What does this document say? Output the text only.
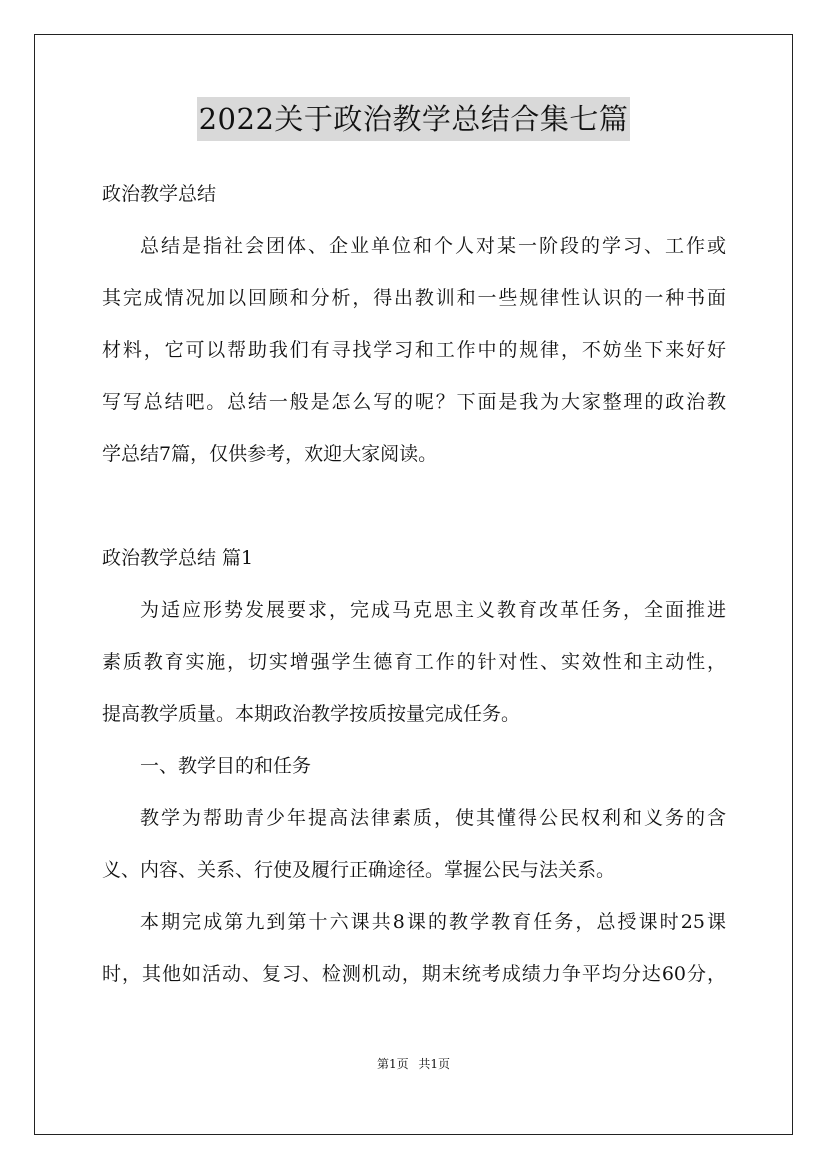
2022关于政治教学总结合集七篇
政治教学总结
总结是指社会团体、企业单位和个人对某一阶段的学习、工作或
其完成情况加以回顾和分析，得出教训和一些规律性认识的一种书面
材料，它可以帮助我们有寻找学习和工作中的规律，不妨坐下来好好
写写总结吧。总结一般是怎么写的呢？下面是我为大家整理的政治教
学总结7篇，仅供参考，欢迎大家阅读。
政治教学总结 篇1
为适应形势发展要求，完成马克思主义教育改革任务，全面推进
素质教育实施，切实增强学生德育工作的针对性、实效性和主动性，
提高教学质量。本期政治教学按质按量完成任务。
一、教学目的和任务
教学为帮助青少年提高法律素质，使其懂得公民权利和义务的含
义、内容、关系、行使及履行正确途径。掌握公民与法关系。
本期完成第九到第十六课共8课的教学教育任务，总授课时25课
时，其他如活动、复习、检测机动，期末统考成绩力争平均分达60分，
第1页 共1页
